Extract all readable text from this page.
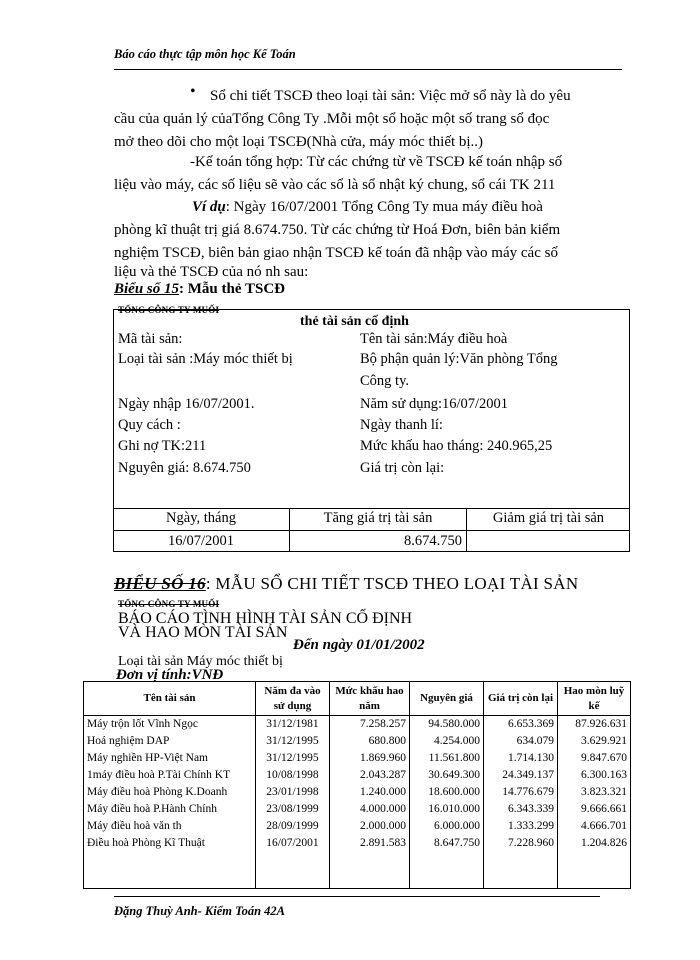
Báo cáo thực tập môn học Kế Toán
• Sổ chi tiết TSCĐ theo loại tài sản: Việc mở sổ này là do yêu
cầu của quản lý củaTổng Công Ty .Mỗi một sổ hoặc một số trang sổ đọc
mở theo dõi cho một loại TSCĐ(Nhà cửa, máy móc thiết bị..)
-Kế toán tổng hợp: Từ các chứng từ về TSCĐ kế toán nhập số
liệu vào máy, các số liệu sẽ vào các sổ là sổ nhật ký chung, sổ cái TK 211
Ví dụ: Ngày 16/07/2001 Tổng Công Ty mua máy điều hoà
phòng kĩ thuật trị giá 8.674.750. Từ các chứng từ Hoá Đơn, biên bản kiểm
nghiệm TSCĐ, biên bản giao nhận TSCĐ kế toán đã nhập vào máy các số
liệu và thẻ TSCĐ của nó nh sau:
Biểu số 15: Mẫu thẻ TSCĐ
TỔNG CÔNG TY MUỐI
thẻ tài sản cố định
Mã tài sản:
Loại tài sản :Máy móc thiết bị
Ngày nhập 16/07/2001.
Quy cách :
Ghi nợ TK:211
Nguyên giá: 8.674.750
Tên tài sản:Máy điều hoà
Bộ phận quản lý:Văn phòng Tổng
Công ty.
Năm sử dụng:16/07/2001
Ngày thanh lí:
Mức khấu hao tháng: 240.965,25
Giá trị còn lại:
Ngày, tháng	Tăng giá trị tài sản	Giảm giá trị tài sản
16/07/2001	8.674.750
BIỂU SỐ 16: MẪU SỔ CHI TIẾT TSCĐ THEO LOẠI TÀI SẢN
TỔNG CÔNG TY MUỐI
BÁO CÁO TÌNH HÌNH TÀI SẢN CỐ ĐỊNH
VÀ HAO MÒN TÀI SẢN
Đến ngày 01/01/2002
Loại tài sản Máy móc thiết bị
Đơn vị tính:VNĐ
Tên tài sản	Năm đa vào sử dụng	Mức khấu hao năm	Nguyên giá	Giá trị còn lại	Hao mòn luỹ kế
Máy trộn lốt Vĩnh Ngọc	31/12/1981	7.258.257	94.580.000	6.653.369	87.926.631
Hoá nghiệm DAP	31/12/1995	680.800	4.254.000	634.079	3.629.921
Máy nghiền HP-Việt Nam	31/12/1995	1.869.960	11.561.800	1.714.130	9.847.670
1máy điều hoà P.Tài Chính KT	10/08/1998	2.043.287	30.649.300	24.349.137	6.300.163
Máy điều hoà Phòng K.Doanh	23/01/1998	1.240.000	18.600.000	14.776.679	3.823.321
Máy điều hoà P.Hành Chính	23/08/1999	4.000.000	16.010.000	6.343.339	9.666.661
Máy điều hoà văn th	28/09/1999	2.000.000	6.000.000	1.333.299	4.666.701
Điều hoà Phòng Kĩ Thuật	16/07/2001	2.891.583	8.647.750	7.228.960	1.204.826

Đặng Thuỳ Anh- Kiểm Toán 42A
